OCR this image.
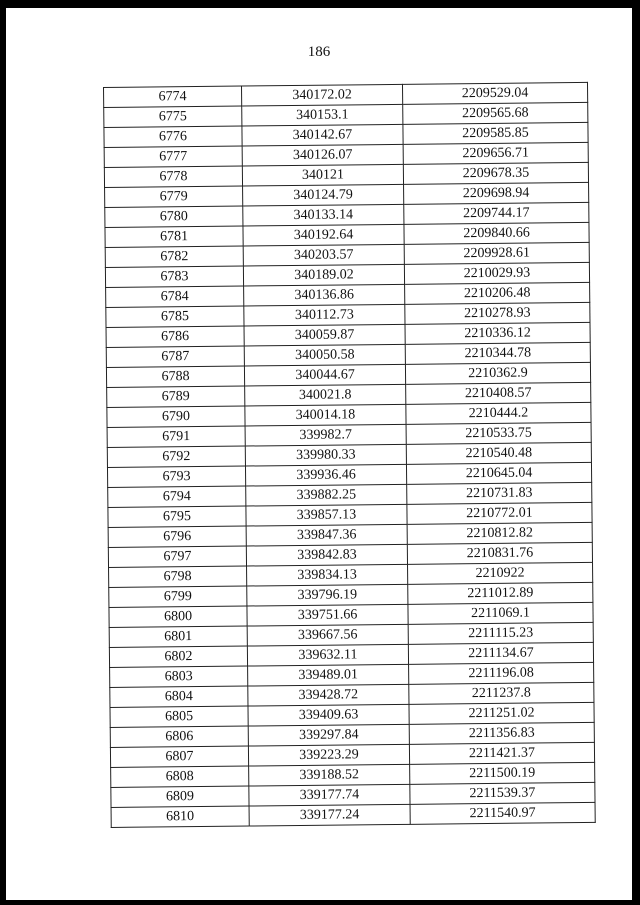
186
6774	340172.02	2209529.04
6775	340153.1	2209565.68
6776	340142.67	2209585.85
6777	340126.07	2209656.71
6778	340121	2209678.35
6779	340124.79	2209698.94
6780	340133.14	2209744.17
6781	340192.64	2209840.66
6782	340203.57	2209928.61
6783	340189.02	2210029.93
6784	340136.86	2210206.48
6785	340112.73	2210278.93
6786	340059.87	2210336.12
6787	340050.58	2210344.78
6788	340044.67	2210362.9
6789	340021.8	2210408.57
6790	340014.18	2210444.2
6791	339982.7	2210533.75
6792	339980.33	2210540.48
6793	339936.46	2210645.04
6794	339882.25	2210731.83
6795	339857.13	2210772.01
6796	339847.36	2210812.82
6797	339842.83	2210831.76
6798	339834.13	2210922
6799	339796.19	2211012.89
6800	339751.66	2211069.1
6801	339667.56	2211115.23
6802	339632.11	2211134.67
6803	339489.01	2211196.08
6804	339428.72	2211237.8
6805	339409.63	2211251.02
6806	339297.84	2211356.83
6807	339223.29	2211421.37
6808	339188.52	2211500.19
6809	339177.74	2211539.37
6810	339177.24	2211540.97
